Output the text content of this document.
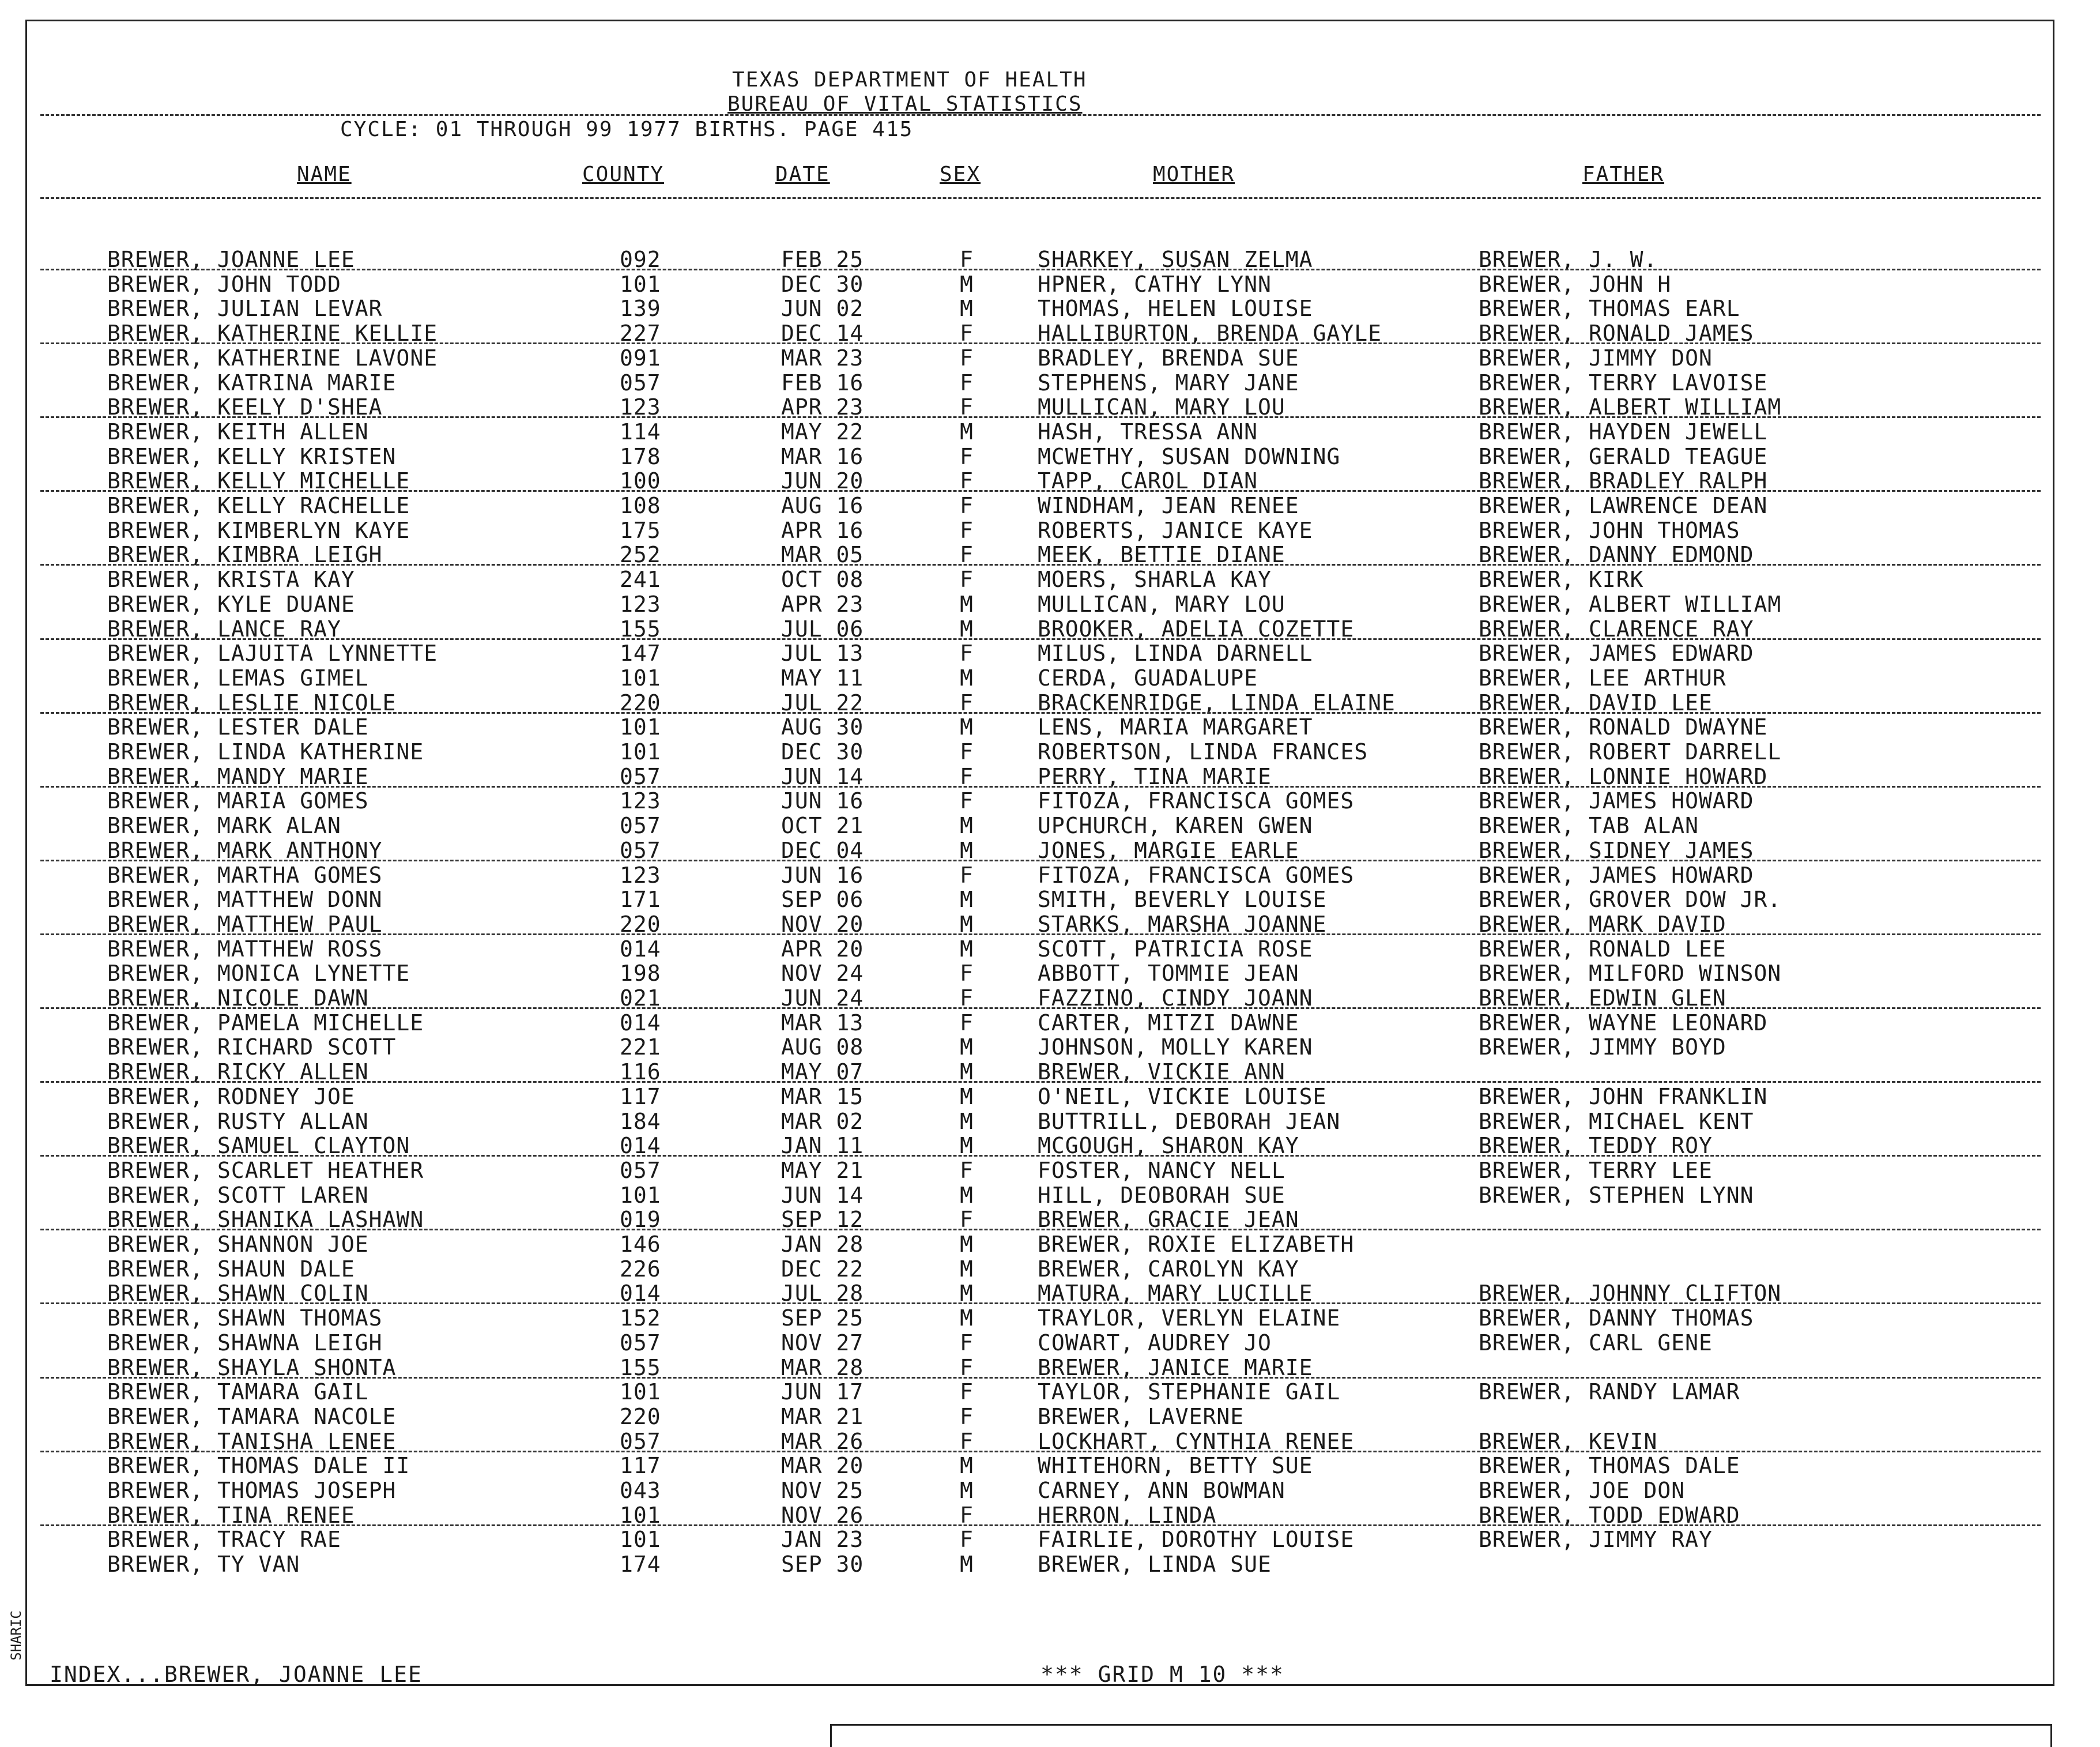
TEXAS DEPARTMENT OF HEALTH
BUREAU OF VITAL STATISTICS
CYCLE: 01 THROUGH 99 1977 BIRTHS. PAGE 415
NAME	COUNTY	DATE	SEX	MOTHER	FATHER
BREWER, JOANNE LEE	092	FEB 25	F	SHARKEY, SUSAN ZELMA	BREWER, J. W.
BREWER, JOHN TODD	101	DEC 30	M	HPNER, CATHY LYNN	BREWER, JOHN H
BREWER, JULIAN LEVAR	139	JUN 02	M	THOMAS, HELEN LOUISE	BREWER, THOMAS EARL
BREWER, KATHERINE KELLIE	227	DEC 14	F	HALLIBURTON, BRENDA GAYLE	BREWER, RONALD JAMES
BREWER, KATHERINE LAVONE	091	MAR 23	F	BRADLEY, BRENDA SUE	BREWER, JIMMY DON
BREWER, KATRINA MARIE	057	FEB 16	F	STEPHENS, MARY JANE	BREWER, TERRY LAVOISE
BREWER, KEELY D'SHEA	123	APR 23	F	MULLICAN, MARY LOU	BREWER, ALBERT WILLIAM
BREWER, KEITH ALLEN	114	MAY 22	M	HASH, TRESSA ANN	BREWER, HAYDEN JEWELL
BREWER, KELLY KRISTEN	178	MAR 16	F	MCWETHY, SUSAN DOWNING	BREWER, GERALD TEAGUE
BREWER, KELLY MICHELLE	100	JUN 20	F	TAPP, CAROL DIAN	BREWER, BRADLEY RALPH
BREWER, KELLY RACHELLE	108	AUG 16	F	WINDHAM, JEAN RENEE	BREWER, LAWRENCE DEAN
BREWER, KIMBERLYN KAYE	175	APR 16	F	ROBERTS, JANICE KAYE	BREWER, JOHN THOMAS
BREWER, KIMBRA LEIGH	252	MAR 05	F	MEEK, BETTIE DIANE	BREWER, DANNY EDMOND
BREWER, KRISTA KAY	241	OCT 08	F	MOERS, SHARLA KAY	BREWER, KIRK
BREWER, KYLE DUANE	123	APR 23	M	MULLICAN, MARY LOU	BREWER, ALBERT WILLIAM
BREWER, LANCE RAY	155	JUL 06	M	BROOKER, ADELIA COZETTE	BREWER, CLARENCE RAY
BREWER, LAJUITA LYNNETTE	147	JUL 13	F	MILUS, LINDA DARNELL	BREWER, JAMES EDWARD
BREWER, LEMAS GIMEL	101	MAY 11	M	CERDA, GUADALUPE	BREWER, LEE ARTHUR
BREWER, LESLIE NICOLE	220	JUL 22	F	BRACKENRIDGE, LINDA ELAINE	BREWER, DAVID LEE
BREWER, LESTER DALE	101	AUG 30	M	LENS, MARIA MARGARET	BREWER, RONALD DWAYNE
BREWER, LINDA KATHERINE	101	DEC 30	F	ROBERTSON, LINDA FRANCES	BREWER, ROBERT DARRELL
BREWER, MANDY MARIE	057	JUN 14	F	PERRY, TINA MARIE	BREWER, LONNIE HOWARD
BREWER, MARIA GOMES	123	JUN 16	F	FITOZA, FRANCISCA GOMES	BREWER, JAMES HOWARD
BREWER, MARK ALAN	057	OCT 21	M	UPCHURCH, KAREN GWEN	BREWER, TAB ALAN
BREWER, MARK ANTHONY	057	DEC 04	M	JONES, MARGIE EARLE	BREWER, SIDNEY JAMES
BREWER, MARTHA GOMES	123	JUN 16	F	FITOZA, FRANCISCA GOMES	BREWER, JAMES HOWARD
BREWER, MATTHEW DONN	171	SEP 06	M	SMITH, BEVERLY LOUISE	BREWER, GROVER DOW JR.
BREWER, MATTHEW PAUL	220	NOV 20	M	STARKS, MARSHA JOANNE	BREWER, MARK DAVID
BREWER, MATTHEW ROSS	014	APR 20	M	SCOTT, PATRICIA ROSE	BREWER, RONALD LEE
BREWER, MONICA LYNETTE	198	NOV 24	F	ABBOTT, TOMMIE JEAN	BREWER, MILFORD WINSON
BREWER, NICOLE DAWN	021	JUN 24	F	FAZZINO, CINDY JOANN	BREWER, EDWIN GLEN
BREWER, PAMELA MICHELLE	014	MAR 13	F	CARTER, MITZI DAWNE	BREWER, WAYNE LEONARD
BREWER, RICHARD SCOTT	221	AUG 08	M	JOHNSON, MOLLY KAREN	BREWER, JIMMY BOYD
BREWER, RICKY ALLEN	116	MAY 07	M	BREWER, VICKIE ANN
BREWER, RODNEY JOE	117	MAR 15	M	O'NEIL, VICKIE LOUISE	BREWER, JOHN FRANKLIN
BREWER, RUSTY ALLAN	184	MAR 02	M	BUTTRILL, DEBORAH JEAN	BREWER, MICHAEL KENT
BREWER, SAMUEL CLAYTON	014	JAN 11	M	MCGOUGH, SHARON KAY	BREWER, TEDDY ROY
BREWER, SCARLET HEATHER	057	MAY 21	F	FOSTER, NANCY NELL	BREWER, TERRY LEE
BREWER, SCOTT LAREN	101	JUN 14	M	HILL, DEOBORAH SUE	BREWER, STEPHEN LYNN
BREWER, SHANIKA LASHAWN	019	SEP 12	F	BREWER, GRACIE JEAN
BREWER, SHANNON JOE	146	JAN 28	M	BREWER, ROXIE ELIZABETH
BREWER, SHAUN DALE	226	DEC 22	M	BREWER, CAROLYN KAY
BREWER, SHAWN COLIN	014	JUL 28	M	MATURA, MARY LUCILLE	BREWER, JOHNNY CLIFTON
BREWER, SHAWN THOMAS	152	SEP 25	M	TRAYLOR, VERLYN ELAINE	BREWER, DANNY THOMAS
BREWER, SHAWNA LEIGH	057	NOV 27	F	COWART, AUDREY JO	BREWER, CARL GENE
BREWER, SHAYLA SHONTA	155	MAR 28	F	BREWER, JANICE MARIE
BREWER, TAMARA GAIL	101	JUN 17	F	TAYLOR, STEPHANIE GAIL	BREWER, RANDY LAMAR
BREWER, TAMARA NACOLE	220	MAR 21	F	BREWER, LAVERNE
BREWER, TANISHA LENEE	057	MAR 26	F	LOCKHART, CYNTHIA RENEE	BREWER, KEVIN
BREWER, THOMAS DALE II	117	MAR 20	M	WHITEHORN, BETTY SUE	BREWER, THOMAS DALE
BREWER, THOMAS JOSEPH	043	NOV 25	M	CARNEY, ANN BOWMAN	BREWER, JOE DON
BREWER, TINA RENEE	101	NOV 26	F	HERRON, LINDA	BREWER, TODD EDWARD
BREWER, TRACY RAE	101	JAN 23	F	FAIRLIE, DOROTHY LOUISE	BREWER, JIMMY RAY
BREWER, TY VAN	174	SEP 30	M	BREWER, LINDA SUE
INDEX...BREWER, JOANNE LEE	*** GRID M 10 ***
SHARIC
